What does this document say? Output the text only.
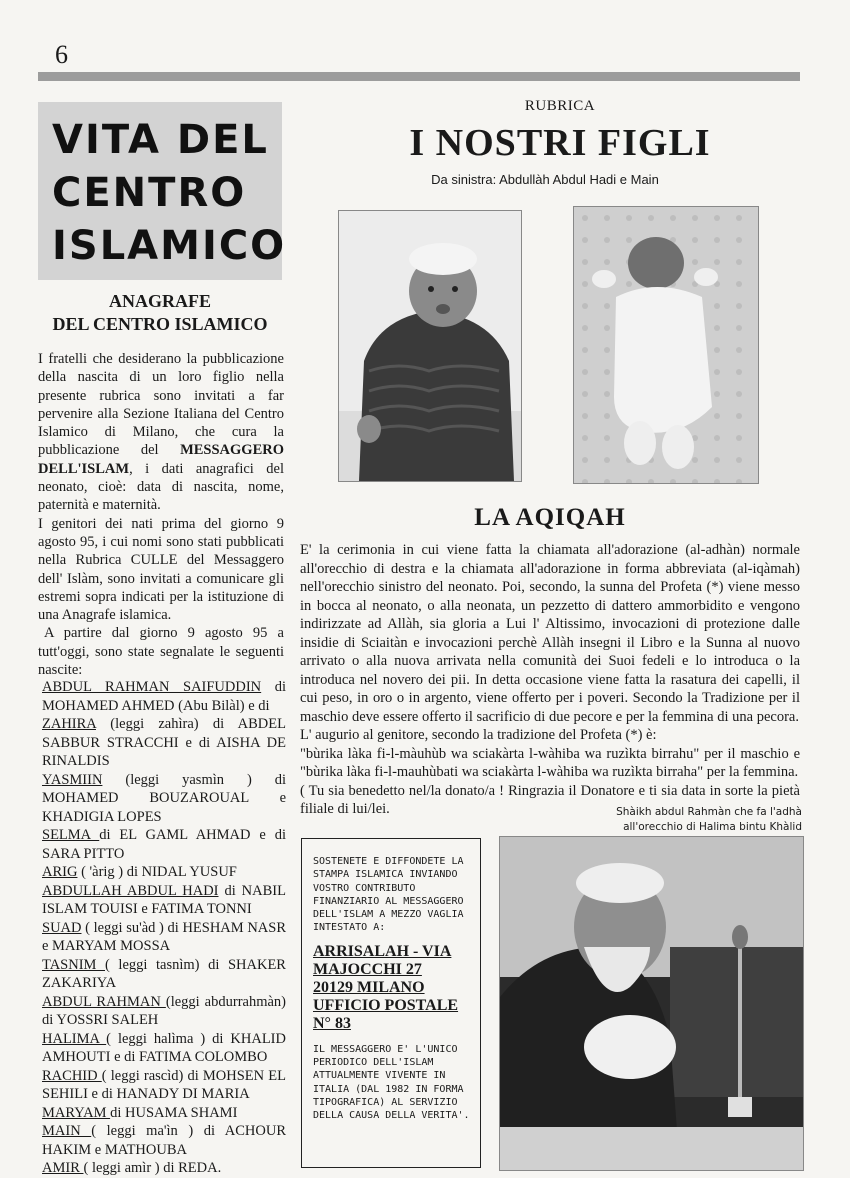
6
VITA DEL
CENTRO
ISLAMICO
ANAGRAFE
DEL CENTRO ISLAMICO

I fratelli che desiderano la pubblicazione della nascita di un loro figlio nella presente rubrica sono invitati a far pervenire alla Sezione Italiana del Centro Islamico di Milano, che cura la pubblicazione del MESSAGGERO DELL'ISLAM, i dati anagrafici del neonato, cioè: data di nascita, nome, paternità e maternità.

I genitori dei nati prima del giorno 9 agosto 95, i cui nomi sono stati pubblicati nella Rubrica CULLE del Messaggero dell' Islàm, sono invitati a comunicare gli estremi sopra indicati per la istituzione di una Anagrafe islamica.

A partire dal giorno 9 agosto 95 a tutt'oggi, sono state segnalate le seguenti nascite:

ABDUL RAHMAN SAIFUDDIN di MOHAMED AHMED (Abu Bilàl) e di

ZAHIRA (leggi zahìra) di ABDEL SABBUR STRACCHI e di AISHA DE RINALDIS

YASMIIN (leggi yasmìn ) di MOHAMED BOUZAROUAL e KHADIGIA LOPES

SELMA di EL GAML AHMAD e di SARA PITTO

ARIG ( 'àrig ) di NIDAL YUSUF

ABDULLAH ABDUL HADI di NABIL ISLAM TOUISI e FATIMA TONNI

SUAD ( leggi su'àd ) di HESHAM NASR e MARYAM MOSSA

TASNIM ( leggi tasnìm) di SHAKER ZAKARIYA

ABDUL RAHMAN (leggi abdurrahmàn) di YOSSRI SALEH

HALIMA ( leggi halìma ) di KHALID AMHOUTI e di FATIMA COLOMBO

RACHID ( leggi rascìd) di MOHSEN EL SEHILI e di HANADY DI MARIA

MARYAM di HUSAMA SHAMI

MAIN ( leggi ma'ìn ) di ACHOUR HAKIM e MATHOUBA

AMIR ( leggi amìr ) di REDA.

RUBRICA
I NOSTRI FIGLI
Da sinistra: Abdullàh Abdul Hadi e Main
LA AQIQAH

E' la cerimonia in cui viene fatta la chiamata all'adorazione (al-adhàn) normale all'orecchio di destra e la chiamata all'adorazione in forma abbreviata (al-iqàmah) nell'orecchio sinistro del neonato. Poi, secondo, la sunna del Profeta (*) viene messo in bocca al neonato, o alla neonata, un pezzetto di dattero ammorbidito e vengono indirizzate ad Allàh, sia gloria a Lui l' Altissimo, invocazioni di protezione dalle insidie di Sciaitàn e invocazioni perchè Allàh insegni il Libro e la Sunna al nuovo arrivato o alla nuova arrivata nella comunità dei Suoi fedeli e lo introduca o la introduca nel novero dei pii. In detta occasione viene fatta la rasatura dei capelli, il cui peso, in oro o in argento, viene offerto per i poveri. Secondo la Tradizione per il maschio deve essere offerto il sacrificio di due pecore e per la femmina di una pecora.

L' augurio al genitore, secondo la tradizione del Profeta (*) è:

"bùrika làka fi-l-màuhùb wa sciakàrta l-wàhiba wa ruzìkta birrahu" per il maschio e "bùrika làka fi-l-mauhùbati wa sciakàrta l-wàhiba wa ruzìkta birraha" per la femmina.

( Tu sia benedetto nel/la donato/a ! Ringrazia il Donatore e ti sia data in sorte la pietà filiale di lui/lei.	Shàikh abdul Rahmàn che fa l'adhà
all'orecchio di Halima bintu Khàlid

SOSTENETE E DIFFONDETE LA STAMPA ISLAMICA INVIANDO VOSTRO CONTRIBUTO FINANZIARIO AL MESSAGGERO DELL'ISLAM A MEZZO VAGLIA INTESTATO A:

ARRISALAH - VIA
MAJOCCHI 27
20129 MILANO
UFFICIO POSTALE N° 83

IL MESSAGGERO E' L'UNICO PERIODICO DELL'ISLAM ATTUALMENTE VIVENTE IN ITALIA (DAL 1982 IN FORMA TIPOGRAFICA) AL SERVIZIO DELLA CAUSA DELLA VERITA'.
